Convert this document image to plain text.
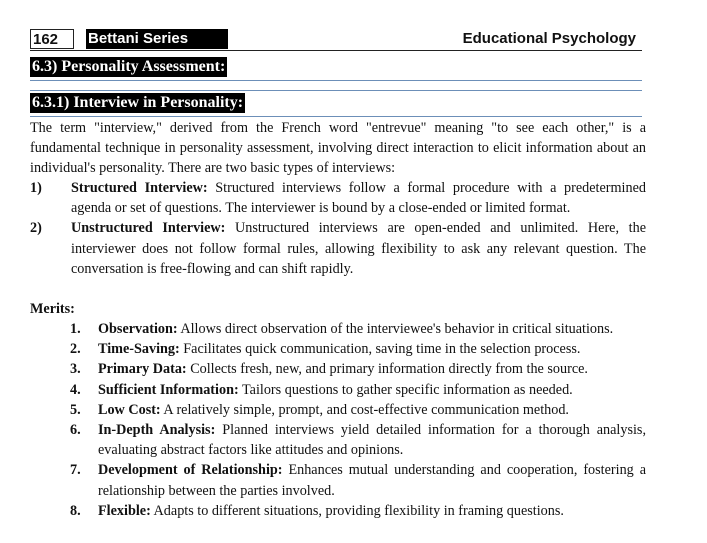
162	Bettani Series	Educational Psychology
6.3) Personality Assessment:
6.3.1) Interview in Personality:
The term "interview," derived from the French word "entrevue" meaning "to see each other," is a fundamental technique in personality assessment, involving direct interaction to elicit information about an individual's personality. There are two basic types of interviews:
1)	Structured Interview: Structured interviews follow a formal procedure with a predetermined agenda or set of questions. The interviewer is bound by a close-ended or limited format.
2)	Unstructured Interview: Unstructured interviews are open-ended and unlimited. Here, the interviewer does not follow formal rules, allowing flexibility to ask any relevant question. The conversation is free-flowing and can shift rapidly.
Merits:
1.	Observation: Allows direct observation of the interviewee's behavior in critical situations.
2.	Time-Saving: Facilitates quick communication, saving time in the selection process.
3.	Primary Data: Collects fresh, new, and primary information directly from the source.
4.	Sufficient Information: Tailors questions to gather specific information as needed.
5.	Low Cost: A relatively simple, prompt, and cost-effective communication method.
6.	In-Depth Analysis: Planned interviews yield detailed information for a thorough analysis, evaluating abstract factors like attitudes and opinions.
7.	Development of Relationship: Enhances mutual understanding and cooperation, fostering a relationship between the parties involved.
8.	Flexible: Adapts to different situations, providing flexibility in framing questions.
